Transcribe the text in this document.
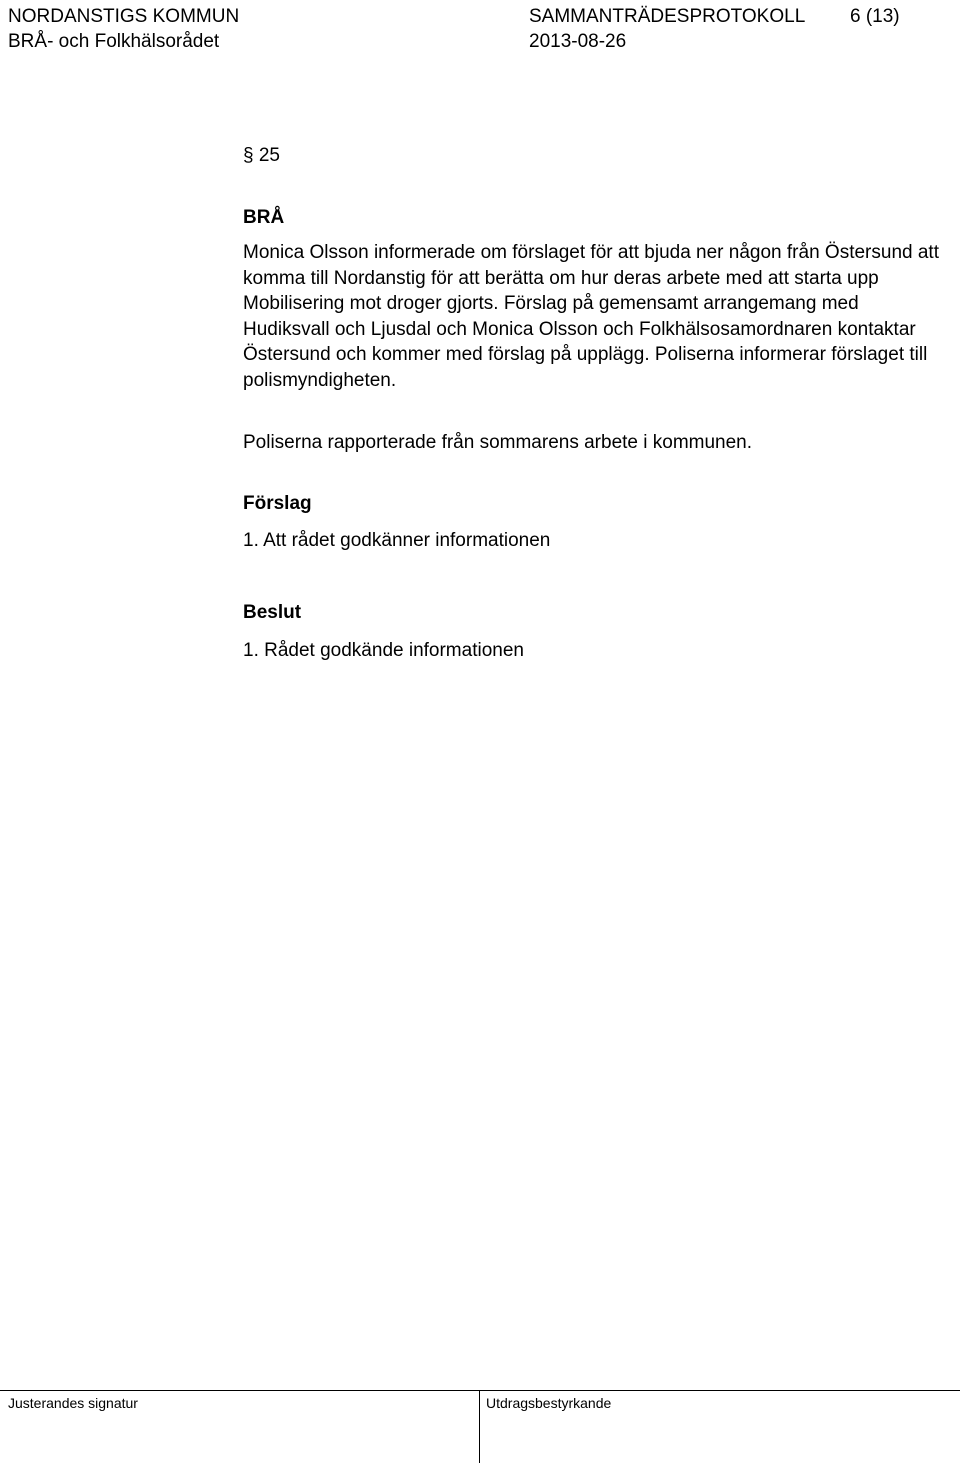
NORDANSTIGS KOMMUN	SAMMANTRÄDESPROTOKOLL 6 (13)
BRÅ- och Folkhälsorådet	2013-08-26
§ 25
BRÅ
Monica Olsson informerade om förslaget för att bjuda ner någon från Östersund att komma till Nordanstig för att berätta om hur deras arbete med att starta upp Mobilisering mot droger gjorts. Förslag på gemensamt arrangemang med Hudiksvall och Ljusdal och Monica Olsson och Folkhälsosamordnaren kontaktar Östersund och kommer med förslag på upplägg. Poliserna informerar förslaget till polismyndigheten.
Poliserna rapporterade från sommarens arbete i kommunen.
Förslag
1. Att rådet godkänner informationen
Beslut
1. Rådet godkände informationen
Justerandes signatur	Utdragsbestyrkande
